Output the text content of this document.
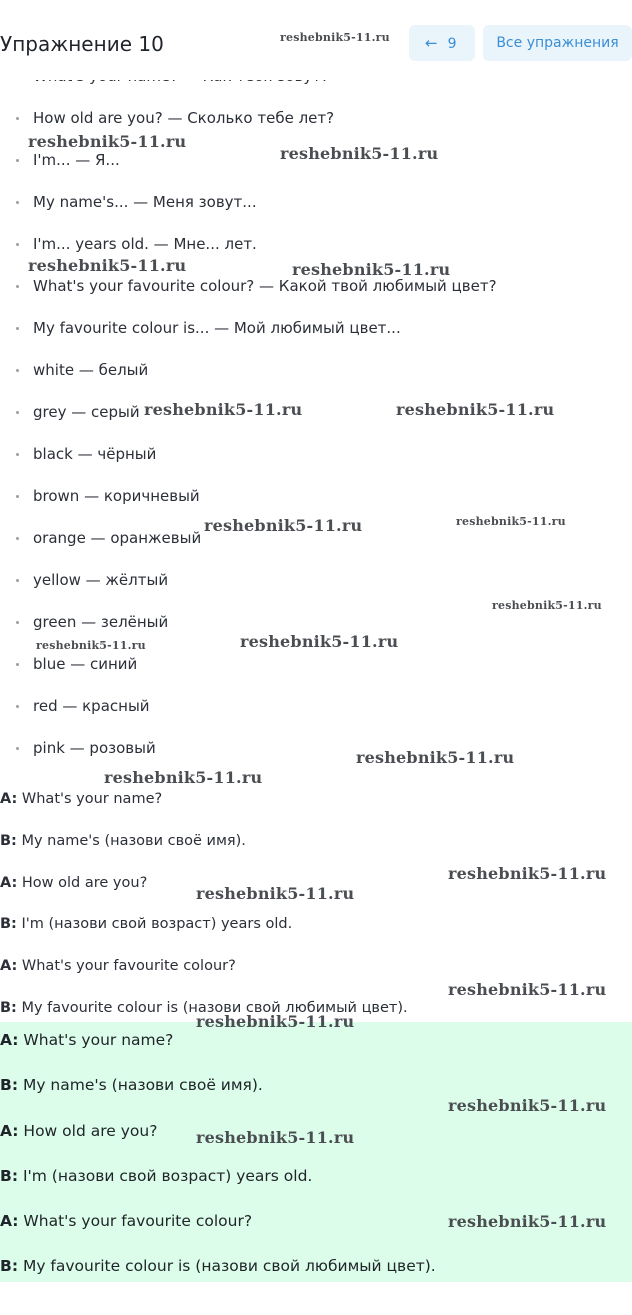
Упражнение 10	← 9	Все упражнения
How old are you? — Сколько тебе лет?
I'm... — Я...
My name's... — Меня зовут...
I'm... years old. — Мне... лет.
What's your favourite colour? — Какой твой любимый цвет?
My favourite colour is... — Мой любимый цвет...
white — белый
grey — серый
black — чёрный
brown — коричневый
orange — оранжевый
yellow — жёлтый
green — зелёный
blue — синий
red — красный
pink — розовый
A: What's your name?
B: My name's (назови своё имя).
A: How old are you?
B: I'm (назови свой возраст) years old.
A: What's your favourite colour?
B: My favourite colour is (назови свой любимый цвет).
A: What's your name?
B: My name's (назови своё имя).
A: How old are you?
B: I'm (назови свой возраст) years old.
A: What's your favourite colour?
B: My favourite colour is (назови свой любимый цвет).
reshebnik5-11.ru
reshebnik5-11.ru
reshebnik5-11.ru
reshebnik5-11.ru	reshebnik5-11.ru
reshebnik5-11.ru	reshebnik5-11.ru
reshebnik5-11.ru	reshebnik5-11.ru
reshebnik5-11.ru
reshebnik5-11.ru	reshebnik5-11.ru
reshebnik5-11.ru
reshebnik5-11.ru
reshebnik5-11.ru
reshebnik5-11.ru
reshebnik5-11.ru
reshebnik5-11.ru
reshebnik5-11.ru
reshebnik5-11.ru
reshebnik5-11.ru
